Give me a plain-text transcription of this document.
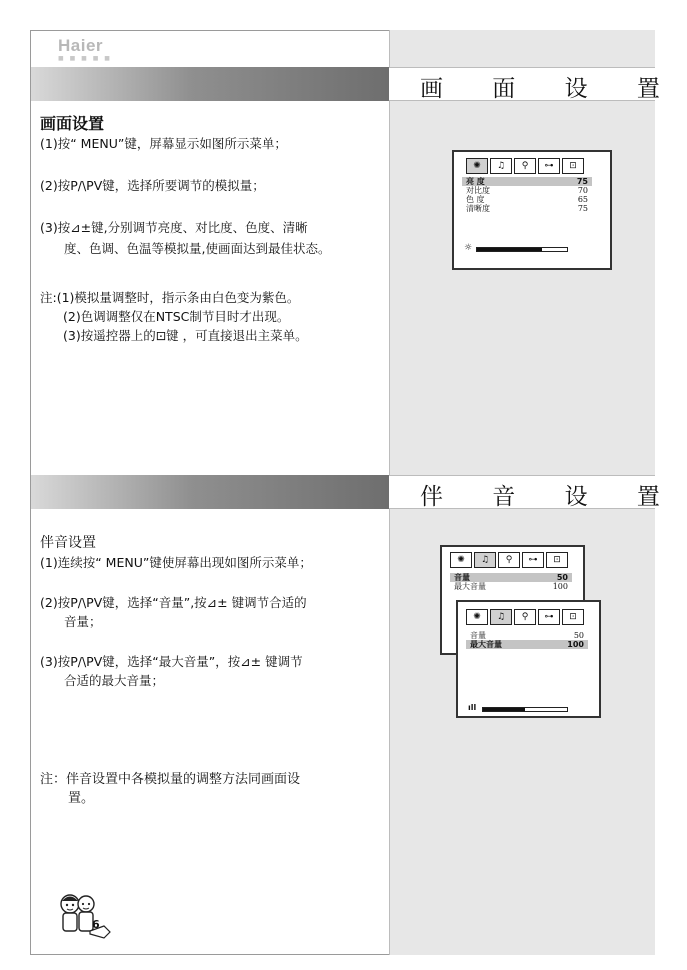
Haier
■ ■ ■ ■ ■
画 面 设 置
画面设置
(1)按“ MENU”键，屏幕显示如图所示菜单；
(2)按P/\PV键，选择所要调节的模拟量；
(3)按⊿±键,分别调节亮度、对比度、色度、清晰
度、色调、色温等模拟量,使画面达到最佳状态。
注:(1)模拟量调整时，指示条由白色变为紫色。
(2)色调调整仅在NTSC制节目时才出现。
(3)按遥控器上的⊡键 ，可直接退出主菜单。
✺	♫	⚲	⊶	⊡
亮 度	75
对比度	70
色 度	65
清晰度	75
☼
伴 音 设 置
伴音设置
(1)连续按“ MENU”键使屏幕出现如图所示菜单；
(2)按P/\PV键，选择“音量”,按⊿± 键调节合适的
音量；
(3)按P/\PV键，选择“最大音量”，按⊿± 键调节
合适的最大音量；
注：伴音设置中各模拟量的调整方法同画面设
置。
✺	♫	⚲	⊶	⊡
音量	50
最大音量	100
✺	♫	⚲	⊶	⊡
音量	50
最大音量	100
ıll
6
